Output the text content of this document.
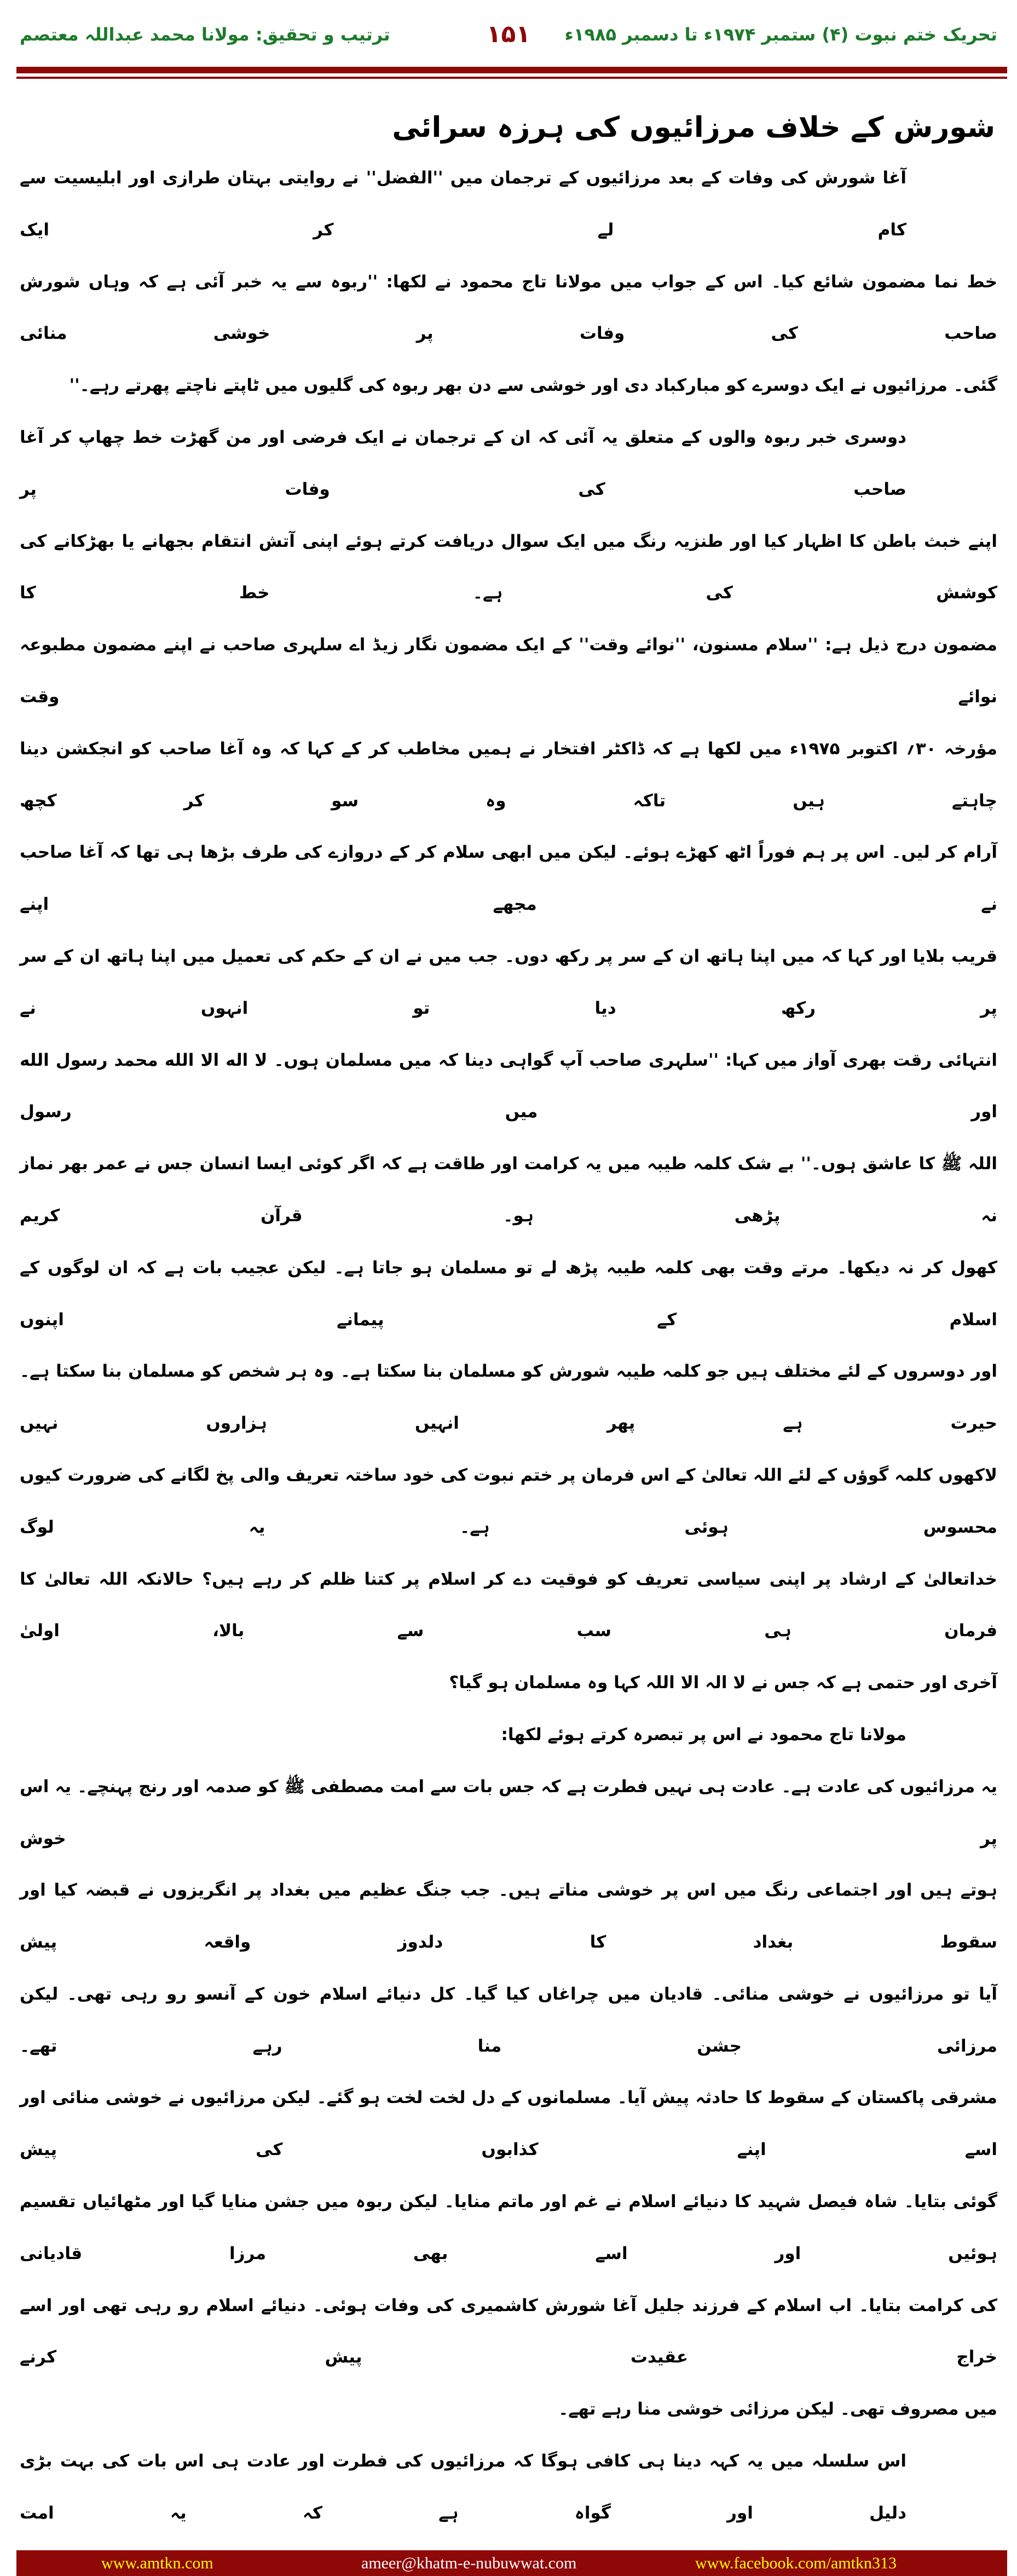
تحریک ختم نبوت (۴) ستمبر ۱۹۷۴ء تا دسمبر ۱۹۸۵ء
۱۵۱
ترتیب و تحقیق: مولانا محمد عبداللہ معتصم
شورش کے خلاف مرزائیوں کی ہرزہ سرائی
آغا شورش کی وفات کے بعد مرزائیوں کے ترجمان میں ''الفضل'' نے روایتی بہتان طرازی اور ابلیسیت سے کام لے کر ایک
خط نما مضمون شائع کیا۔ اس کے جواب میں مولانا تاج محمود نے لکھا: ''ربوہ سے یہ خبر آئی ہے کہ وہاں شورش صاحب کی وفات پر خوشی منائی
گئی۔ مرزائیوں نے ایک دوسرے کو مبارکباد دی اور خوشی سے دن بھر ربوہ کی گلیوں میں ٹاپتے ناچتے پھرتے رہے۔''
دوسری خبر ربوہ والوں کے متعلق یہ آئی کہ ان کے ترجمان نے ایک فرضی اور من گھڑت خط چھاپ کر آغا صاحب کی وفات پر
اپنے خبث باطن کا اظہار کیا اور طنزیہ رنگ میں ایک سوال دریافت کرتے ہوئے اپنی آتش انتقام بجھانے یا بھڑکانے کی کوشش کی ہے۔ خط کا
مضمون درج ذیل ہے: ''سلام مسنون، ''نوائے وقت'' کے ایک مضمون نگار زیڈ اے سلہری صاحب نے اپنے مضمون مطبوعہ نوائے وقت
مؤرخہ ۳۰؍ اکتوبر ۱۹۷۵ء میں لکھا ہے کہ ڈاکٹر افتخار نے ہمیں مخاطب کر کے کہا کہ وہ آغا صاحب کو انجکشن دینا چاہتے ہیں تاکہ وہ سو کر کچھ
آرام کر لیں۔ اس پر ہم فوراً اٹھ کھڑے ہوئے۔ لیکن میں ابھی سلام کر کے دروازے کی طرف بڑھا ہی تھا کہ آغا صاحب نے مجھے اپنے
قریب بلایا اور کہا کہ میں اپنا ہاتھ ان کے سر پر رکھ دوں۔ جب میں نے ان کے حکم کی تعمیل میں اپنا ہاتھ ان کے سر پر رکھ دیا تو انہوں نے
انتہائی رقت بھری آواز میں کہا: ''سلہری صاحب آپ گواہی دینا کہ میں مسلمان ہوں۔ لا اله الا الله محمد رسول الله اور میں رسول
اللہ ﷺ کا عاشق ہوں۔'' بے شک کلمہ طیبہ میں یہ کرامت اور طاقت ہے کہ اگر کوئی ایسا انسان جس نے عمر بھر نماز نہ پڑھی ہو۔ قرآن کریم
کھول کر نہ دیکھا۔ مرتے وقت بھی کلمہ طیبہ پڑھ لے تو مسلمان ہو جاتا ہے۔ لیکن عجیب بات ہے کہ ان لوگوں کے اسلام کے پیمانے اپنوں
اور دوسروں کے لئے مختلف ہیں جو کلمہ طیبہ شورش کو مسلمان بنا سکتا ہے۔ وہ ہر شخص کو مسلمان بنا سکتا ہے۔ حیرت ہے پھر انہیں ہزاروں نہیں
لاکھوں کلمہ گوؤں کے لئے اللہ تعالیٰ کے اس فرمان پر ختم نبوت کی خود ساختہ تعریف والی پخ لگانے کی ضرورت کیوں محسوس ہوئی ہے۔ یہ لوگ
خداتعالیٰ کے ارشاد پر اپنی سیاسی تعریف کو فوقیت دے کر اسلام پر کتنا ظلم کر رہے ہیں؟ حالانکہ اللہ تعالیٰ کا فرمان ہی سب سے بالا، اولیٰ
آخری اور حتمی ہے کہ جس نے لا الہ الا اللہ کہا وہ مسلمان ہو گیا؟
مولانا تاج محمود نے اس پر تبصرہ کرتے ہوئے لکھا:
یہ مرزائیوں کی عادت ہے۔ عادت ہی نہیں فطرت ہے کہ جس بات سے امت مصطفی ﷺ کو صدمہ اور رنج پہنچے۔ یہ اس پر خوش
ہوتے ہیں اور اجتماعی رنگ میں اس پر خوشی مناتے ہیں۔ جب جنگ عظیم میں بغداد پر انگریزوں نے قبضہ کیا اور سقوط بغداد کا دلدوز واقعہ پیش
آیا تو مرزائیوں نے خوشی منائی۔ قادیان میں چراغاں کیا گیا۔ کل دنیائے اسلام خون کے آنسو رو رہی تھی۔ لیکن مرزائی جشن منا رہے تھے۔
مشرقی پاکستان کے سقوط کا حادثہ پیش آیا۔ مسلمانوں کے دل لخت لخت ہو گئے۔ لیکن مرزائیوں نے خوشی منائی اور اسے اپنے کذابوں کی پیش
گوئی بتایا۔ شاہ فیصل شہید کا دنیائے اسلام نے غم اور ماتم منایا۔ لیکن ربوہ میں جشن منایا گیا اور مٹھائیاں تقسیم ہوئیں اور اسے بھی مرزا قادیانی
کی کرامت بتایا۔ اب اسلام کے فرزند جلیل آغا شورش کاشمیری کی وفات ہوئی۔ دنیائے اسلام رو رہی تھی اور اسے خراج عقیدت پیش کرنے
میں مصروف تھی۔ لیکن مرزائی خوشی منا رہے تھے۔
اس سلسلہ میں یہ کہہ دینا ہی کافی ہوگا کہ مرزائیوں کی فطرت اور عادت ہی اس بات کی بہت بڑی دلیل اور گواہ ہے کہ یہ امت
www.amtkn.com	ameer@khatm-e-nubuwwat.com	www.facebook.com/amtkn313
